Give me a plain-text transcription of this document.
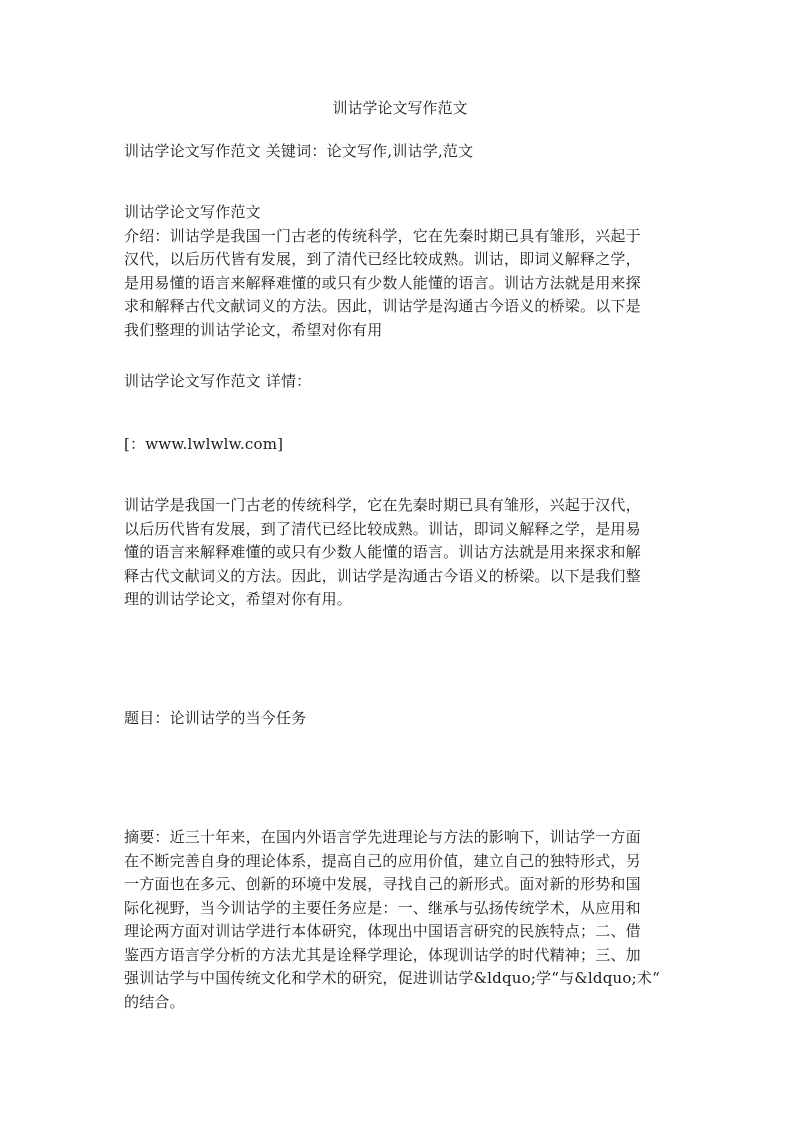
训诂学论文写作范文
训诂学论文写作范文 关键词：论文写作,训诂学,范文
训诂学论文写作范文
介绍：训诂学是我国一门古老的传统科学，它在先秦时期已具有雏形，兴起于
汉代，以后历代皆有发展，到了清代已经比较成熟。训诂，即词义解释之学，
是用易懂的语言来解释难懂的或只有少数人能懂的语言。训诂方法就是用来探
求和解释古代文献词义的方法。因此，训诂学是沟通古今语义的桥梁。以下是
我们整理的训诂学论文，希望对你有用
训诂学论文写作范文 详情：
[：www.lwlwlw.com]
训诂学是我国一门古老的传统科学，它在先秦时期已具有雏形，兴起于汉代，
以后历代皆有发展，到了清代已经比较成熟。训诂，即词义解释之学，是用易
懂的语言来解释难懂的或只有少数人能懂的语言。训诂方法就是用来探求和解
释古代文献词义的方法。因此，训诂学是沟通古今语义的桥梁。以下是我们整
理的训诂学论文，希望对你有用。
题目：论训诂学的当今任务
摘要：近三十年来，在国内外语言学先进理论与方法的影响下，训诂学一方面
在不断完善自身的理论体系，提高自己的应用价值，建立自己的独特形式，另
一方面也在多元、创新的环境中发展，寻找自己的新形式。面对新的形势和国
际化视野，当今训诂学的主要任务应是：一、继承与弘扬传统学术，从应用和
理论两方面对训诂学进行本体研究，体现出中国语言研究的民族特点；二、借
鉴西方语言学分析的方法尤其是诠释学理论，体现训诂学的时代精神；三、加
强训诂学与中国传统文化和学术的研究，促进训诂学&ldquo;学“与&ldquo;术“
的结合。
